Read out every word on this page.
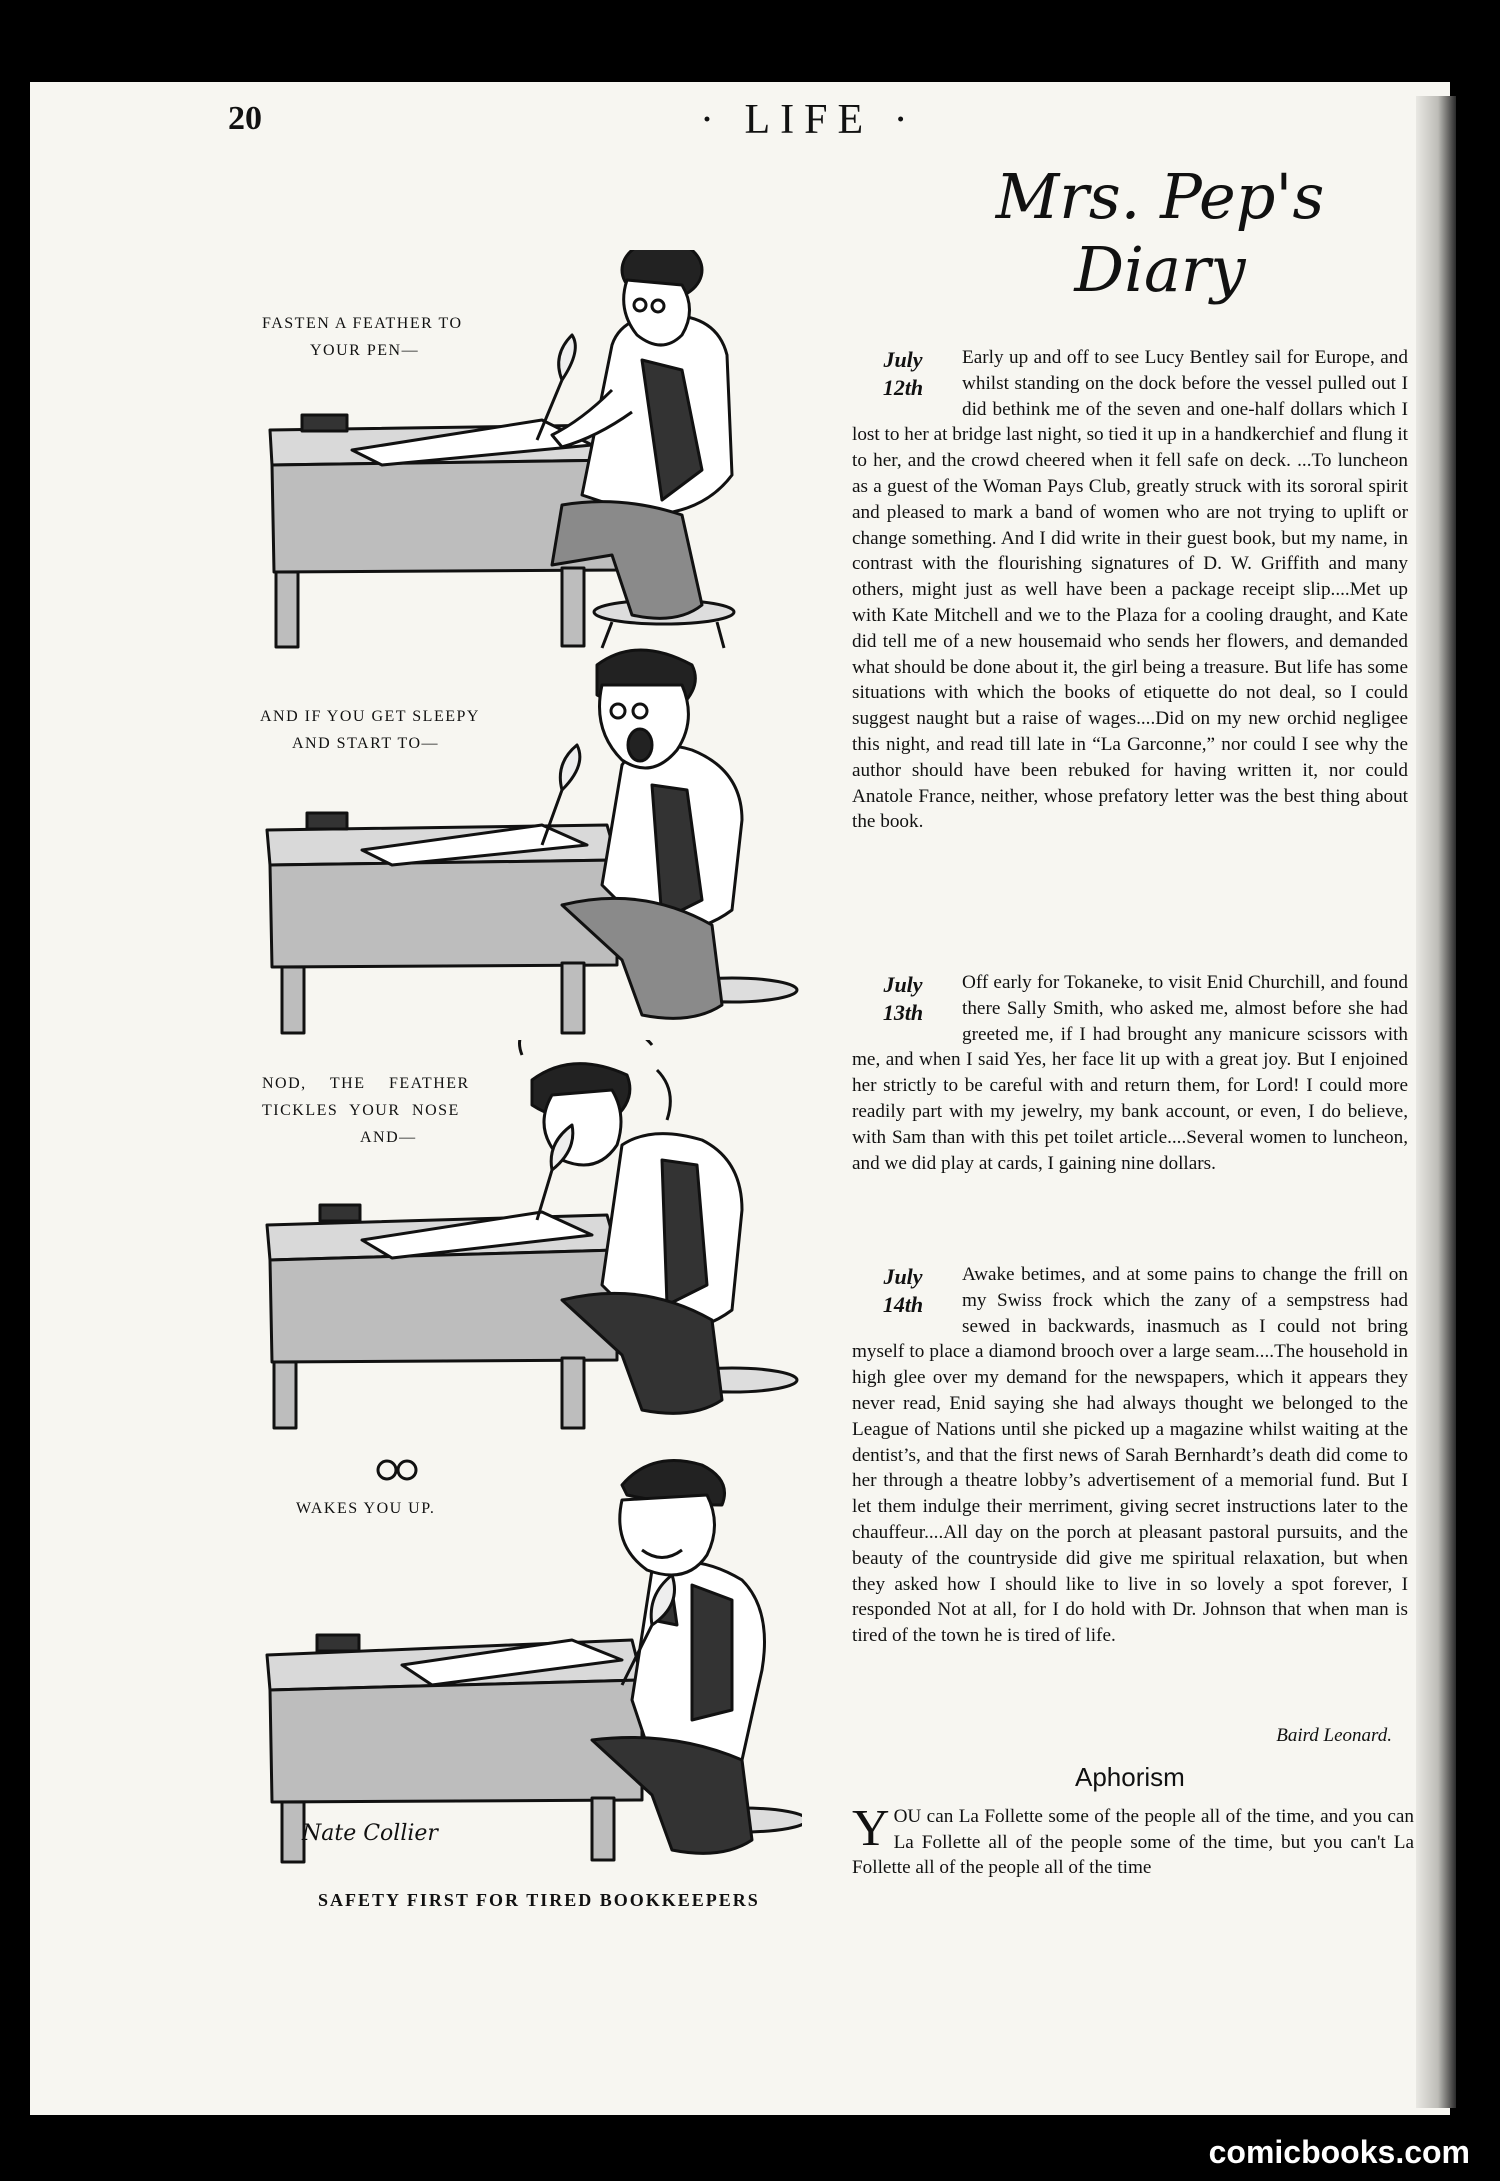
20	· LIFE ·
FASTEN A FEATHER TO
YOUR PEN—
AND IF YOU GET SLEEPY
AND START TO—
NOD, THE FEATHER
TICKLES YOUR NOSE
AND—
WAKES YOU UP.
Nate Collier
SAFETY FIRST FOR TIRED BOOKKEEPERS
Mrs. Pep's Diary
July
12th

Early up and off to see Lucy Bentley sail for Europe, and whilst standing on the dock before the vessel pulled out I did bethink me of the seven and one-half dollars which I lost to her at bridge last night, so tied it up in a handkerchief and flung it to her, and the crowd cheered when it fell safe on deck. ...To luncheon as a guest of the Woman Pays Club, greatly struck with its sororal spirit and pleased to mark a band of women who are not trying to uplift or change something. And I did write in their guest book, but my name, in contrast with the flourishing signatures of D. W. Griffith and many others, might just as well have been a package receipt slip....Met up with Kate Mitchell and we to the Plaza for a cooling draught, and Kate did tell me of a new housemaid who sends her flowers, and demanded what should be done about it, the girl being a treasure. But life has some situations with which the books of etiquette do not deal, so I could suggest naught but a raise of wages....Did on my new orchid negligee this night, and read till late in “La Garconne,” nor could I see why the author should have been rebuked for having written it, nor could Anatole France, neither, whose prefatory letter was the best thing about the book.

July
13th

Off early for Tokaneke, to visit Enid Churchill, and found there Sally Smith, who asked me, almost before she had greeted me, if I had brought any manicure scissors with me, and when I said Yes, her face lit up with a great joy. But I enjoined her strictly to be careful with and return them, for Lord! I could more readily part with my jewelry, my bank account, or even, I do believe, with Sam than with this pet toilet article....Several women to luncheon, and we did play at cards, I gaining nine dollars.

July
14th

Awake betimes, and at some pains to change the frill on my Swiss frock which the zany of a sempstress had sewed in backwards, inasmuch as I could not bring myself to place a diamond brooch over a large seam....The household in high glee over my demand for the newspapers, which it appears they never read, Enid saying she had always thought we belonged to the League of Nations until she picked up a magazine whilst waiting at the dentist’s, and that the first news of Sarah Bernhardt’s death did come to her through a theatre lobby’s advertisement of a memorial fund. But I let them indulge their merriment, giving secret instructions later to the chauffeur....All day on the porch at pleasant pastoral pursuits, and the beauty of the countryside did give me spiritual relaxation, but when they asked how I should like to live in so lovely a spot forever, I responded Not at all, for I do hold with Dr. Johnson that when man is tired of the town he is tired of life.

Baird Leonard.
Aphorism
Y OU can La Follette some of the people all of the time, and you can La Follette all of the people some of the time, but you can't La Follette all of the people all of the time
comicbooks.com
